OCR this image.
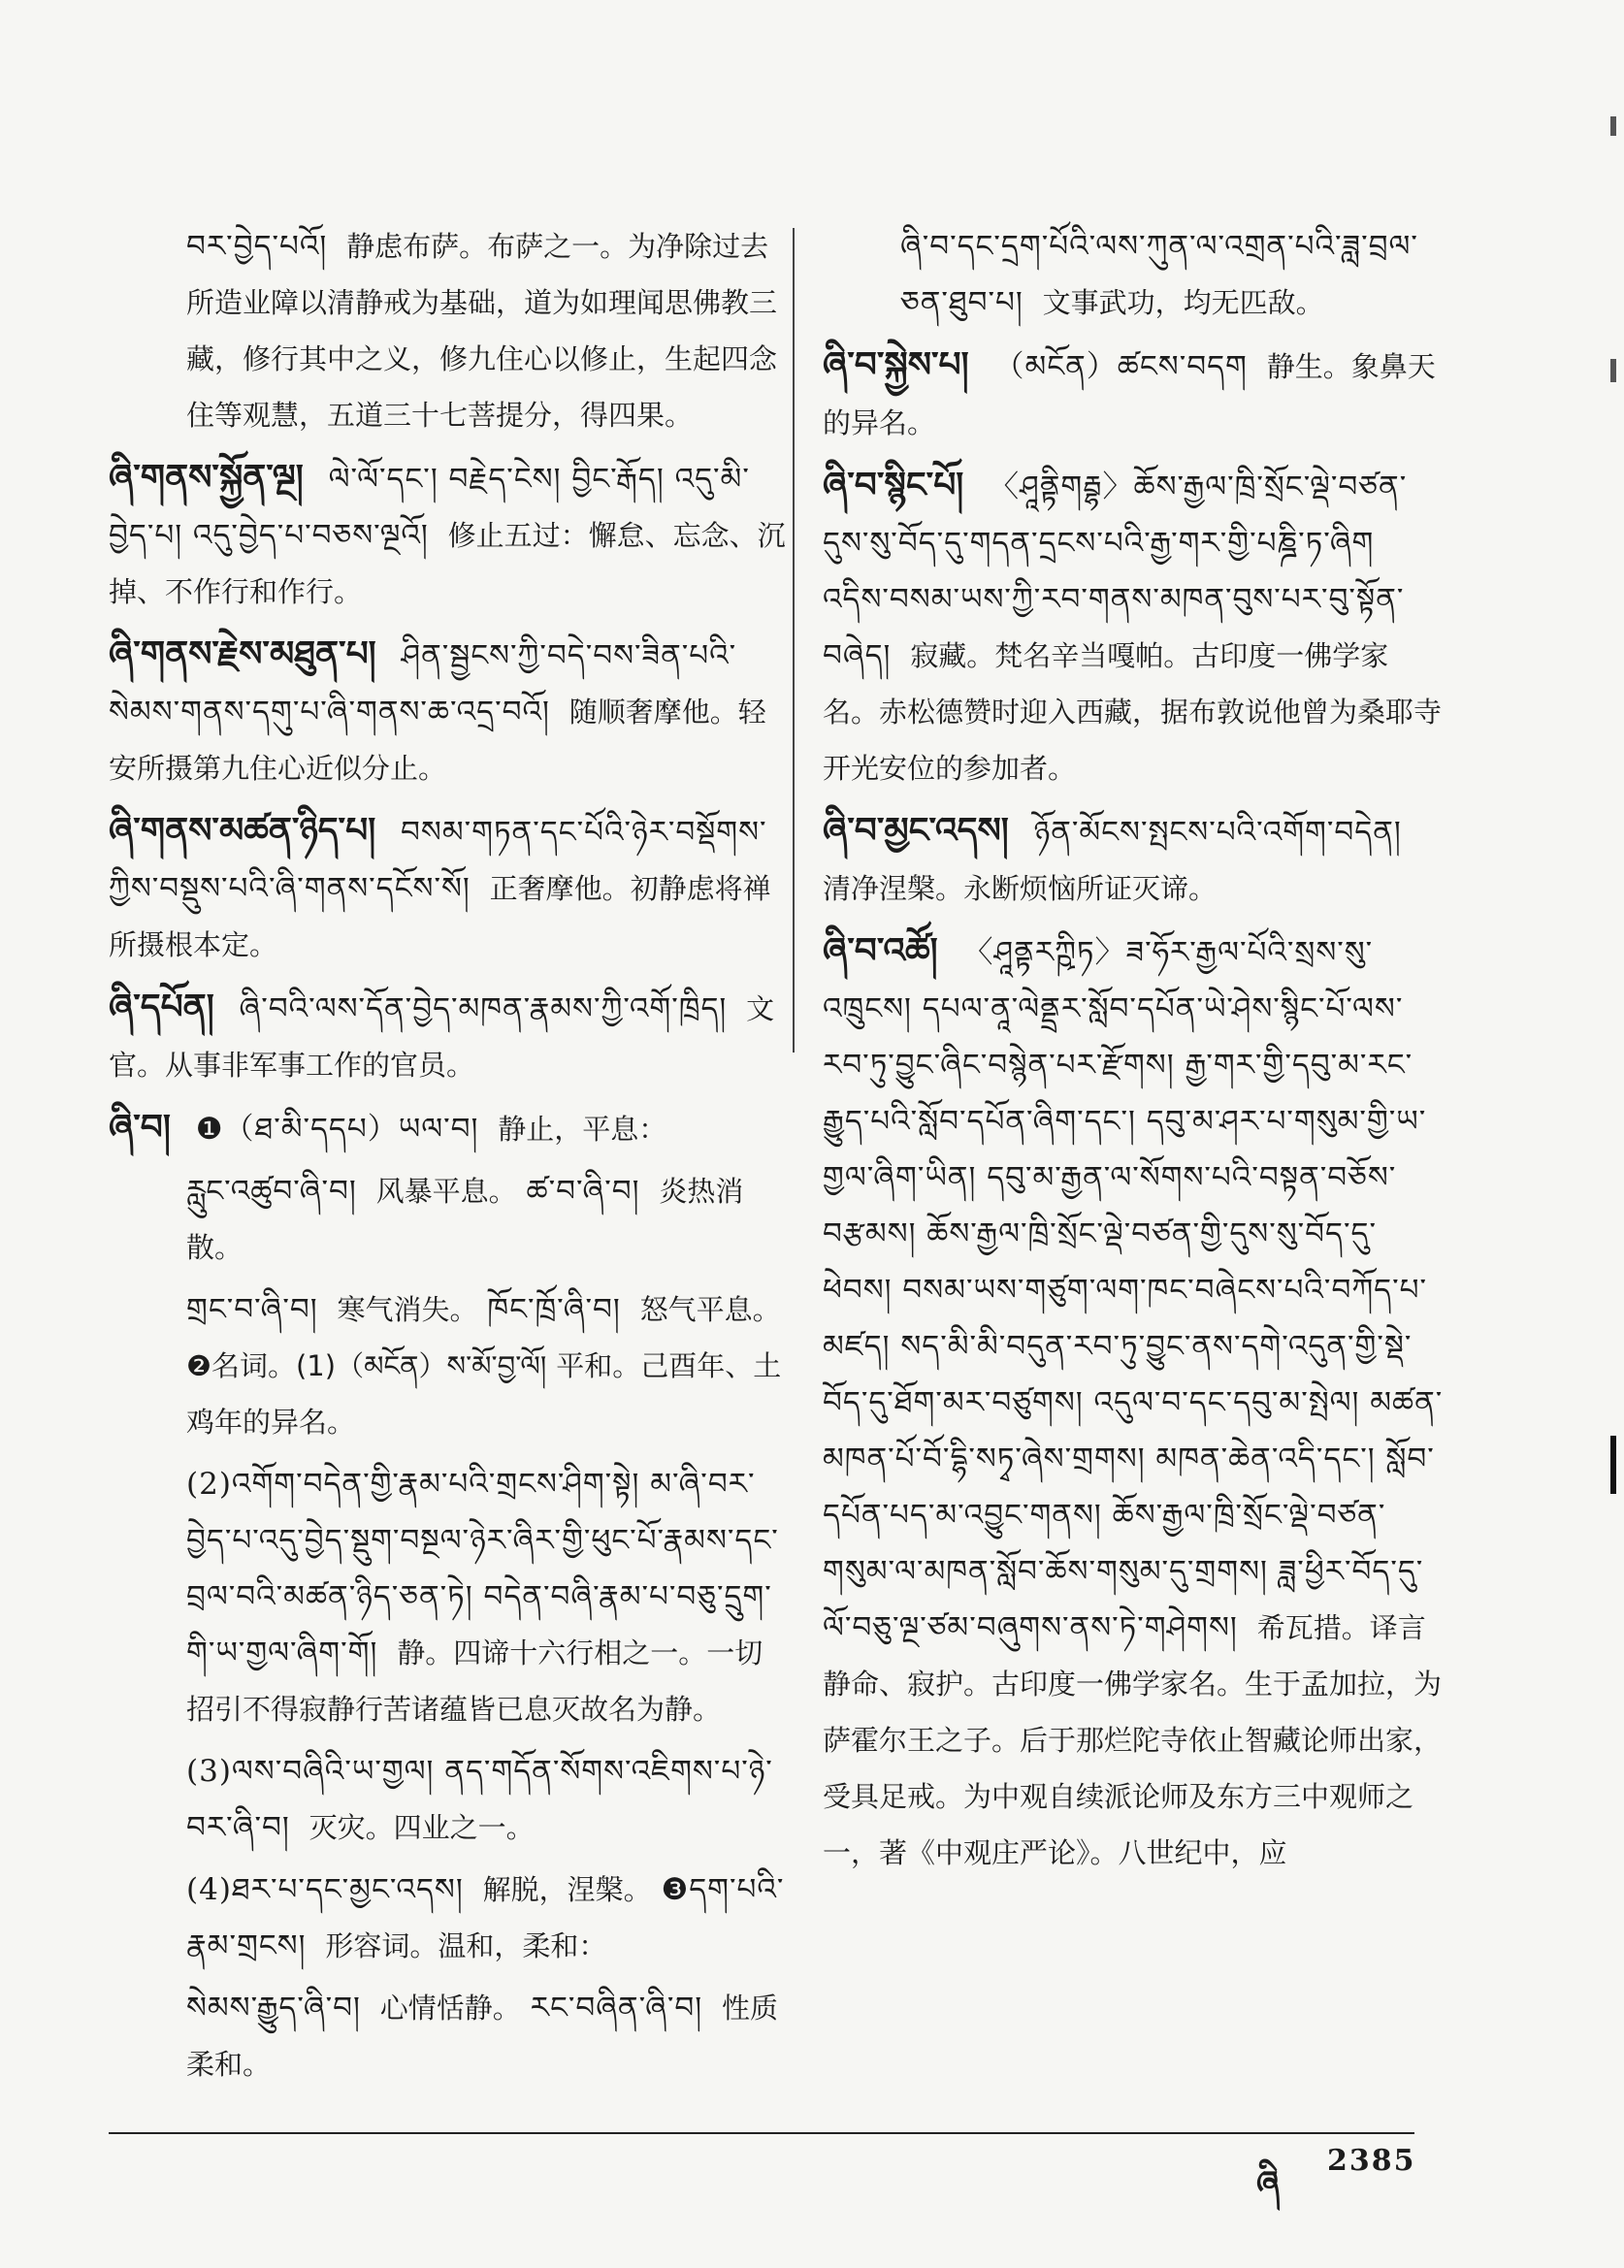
བར་བྱེད་པའོ། 静虑布萨。布萨之一。为净除过去所造业障以清静戒为基础，道为如理闻思佛教三藏，修行其中之义，修九住心以修止，生起四念住等观慧，五道三十七菩提分，得四果。
ཞི་གནས་སྐྱོན་ལྔ། ལེ་ལོ་དང་། བརྗེད་ངེས། བྱིང་རྒོད། འདུ་མི་བྱེད་པ། འདུ་བྱེད་པ་བཅས་ལྔའོ། 修止五过：懈怠、忘念、沉掉、不作行和作行。
ཞི་གནས་རྗེས་མཐུན་པ། ཤིན་སྦྱངས་ཀྱི་བདེ་བས་ཟིན་པའི་སེམས་གནས་དགུ་པ་ཞི་གནས་ཆ་འདྲ་བའོ། 随顺奢摩他。轻安所摄第九住心近似分止。
ཞི་གནས་མཚན་ཉིད་པ། བསམ་གཏན་དང་པོའི་ཉེར་བསྡོགས་ཀྱིས་བསྡུས་པའི་ཞི་གནས་དངོས་སོ། 正奢摩他。初静虑将禅所摄根本定。
ཞི་དཔོན། ཞི་བའི་ལས་དོན་བྱེད་མཁན་རྣམས་ཀྱི་འགོ་ཁྲིད། 文官。从事非军事工作的官员。
ཞི་བ། ❶（ཐ་མི་དདཔ）ཡལ་བ། 静止，平息：
རླུང་འཚུབ་ཞི་བ། 风暴平息。 ཚ་བ་ཞི་བ། 炎热消散。
གྲང་བ་ཞི་བ། 寒气消失。 ཁོང་ཁྲོ་ཞི་བ། 怒气平息。❷名词。(1)（མངོན）ས་མོ་བྱ་ལོ། 平和。己酉年、土鸡年的异名。
(2)འགོག་བདེན་གྱི་རྣམ་པའི་གྲངས་ཤིག་སྟེ། མ་ཞི་བར་བྱེད་པ་འདུ་བྱེད་སྡུག་བསྔལ་ཉེར་ཞིར་གྱི་ཕུང་པོ་རྣམས་དང་བྲལ་བའི་མཚན་ཉིད་ཅན་ཏེ། བདེན་བཞི་རྣམ་པ་བཅུ་དྲུག་གི་ཡ་གྱལ་ཞིག་གོ། 静。四谛十六行相之一。一切招引不得寂静行苦诸蕴皆已息灭故名为静。
(3)ལས་བཞིའི་ཡ་གྱལ། ནད་གདོན་སོགས་འཇིགས་པ་ཉེ་བར་ཞི་བ། 灭灾。四业之一。
(4)ཐར་པ་དང་མྱང་འདས། 解脱，涅槃。 ❸དག་པའི་རྣམ་གྲངས། 形容词。温和，柔和：
སེམས་རྒྱུད་ཞི་བ། 心情恬静。 རང་བཞིན་ཞི་བ། 性质柔和。
ཞི་བ་དང་དྲག་པོའི་ལས་ཀུན་ལ་འགྲན་པའི་ཟླ་བྲལ་ཅན་ཐུབ་པ། 文事武功，均无匹敌。
ཞི་བ་སྐྱེས་པ། （མངོན）ཚངས་བདག 静生。象鼻天的异名。
ཞི་བ་སྙིང་པོ། 〈ཤཱནྟིགརྦྷ〉ཆོས་རྒྱལ་ཁྲི་སྲོང་ལྡེ་བཙན་དུས་སུ་བོད་དུ་གདན་དྲངས་པའི་རྒྱ་གར་གྱི་པཎྜི་ཏ་ཞིག འདིས་བསམ་ཡས་ཀྱི་རབ་གནས་མཁན་བུས་པར་བུ་སྟོན་བཞེད། 寂藏。梵名辛当嘎帕。古印度一佛学家名。赤松德赞时迎入西藏，据布敦说他曾为桑耶寺开光安位的参加者。
ཞི་བ་མྱང་འདས། ཉོན་མོངས་སྤངས་པའི་འགོག་བདེན། 清净涅槃。永断烦恼所证灭谛。
ཞི་བ་འཚོ། 〈ཤཱནྟརཀྵིཏ〉ཟ་ཧོར་རྒྱལ་པོའི་སྲས་སུ་འཁྲུངས། དཔལ་ནཱ་ལེནྡྲར་སློབ་དཔོན་ཡེ་ཤེས་སྙིང་པོ་ལས་རབ་ཏུ་བྱུང་ཞིང་བསྙེན་པར་རྫོགས། རྒྱ་གར་གྱི་དབུ་མ་རང་རྒྱུད་པའི་སློབ་དཔོན་ཞིག་དང་། དབུ་མ་ཤར་པ་གསུམ་གྱི་ཡ་གྱལ་ཞིག་ཡིན། དབུ་མ་རྒྱན་ལ་སོགས་པའི་བསྟན་བཅོས་བརྩམས། ཆོས་རྒྱལ་ཁྲི་སྲོང་ལྡེ་བཙན་གྱི་དུས་སུ་བོད་དུ་ཕེབས། བསམ་ཡས་གཙུག་ལག་ཁང་བཞེངས་པའི་བཀོད་པ་མཛད། སད་མི་མི་བདུན་རབ་ཏུ་བྱུང་ནས་དགེ་འདུན་གྱི་སྡེ་བོད་དུ་ཐོག་མར་བཙུགས། འདུལ་བ་དང་དབུ་མ་སྤེལ། མཚན་མཁན་པོ་བོ་དྷི་སཏྭ་ཞེས་གྲགས། མཁན་ཆེན་འདི་དང་། སློབ་དཔོན་པད་མ་འབྱུང་གནས། ཆོས་རྒྱལ་ཁྲི་སྲོང་ལྡེ་བཙན་གསུམ་ལ་མཁན་སློབ་ཆོས་གསུམ་དུ་གྲགས། ཟླ་ཕྱིར་བོད་དུ་ལོ་བཅུ་ལྔ་ཙམ་བཞུགས་ནས་ཏེ་གཤེགས། 希瓦措。译言静命、寂护。古印度一佛学家名。生于孟加拉，为萨霍尔王之子。后于那烂陀寺依止智藏论师出家，受具足戒。为中观自续派论师及东方三中观师之一，著《中观庄严论》。八世纪中，应
ཞི
2385
